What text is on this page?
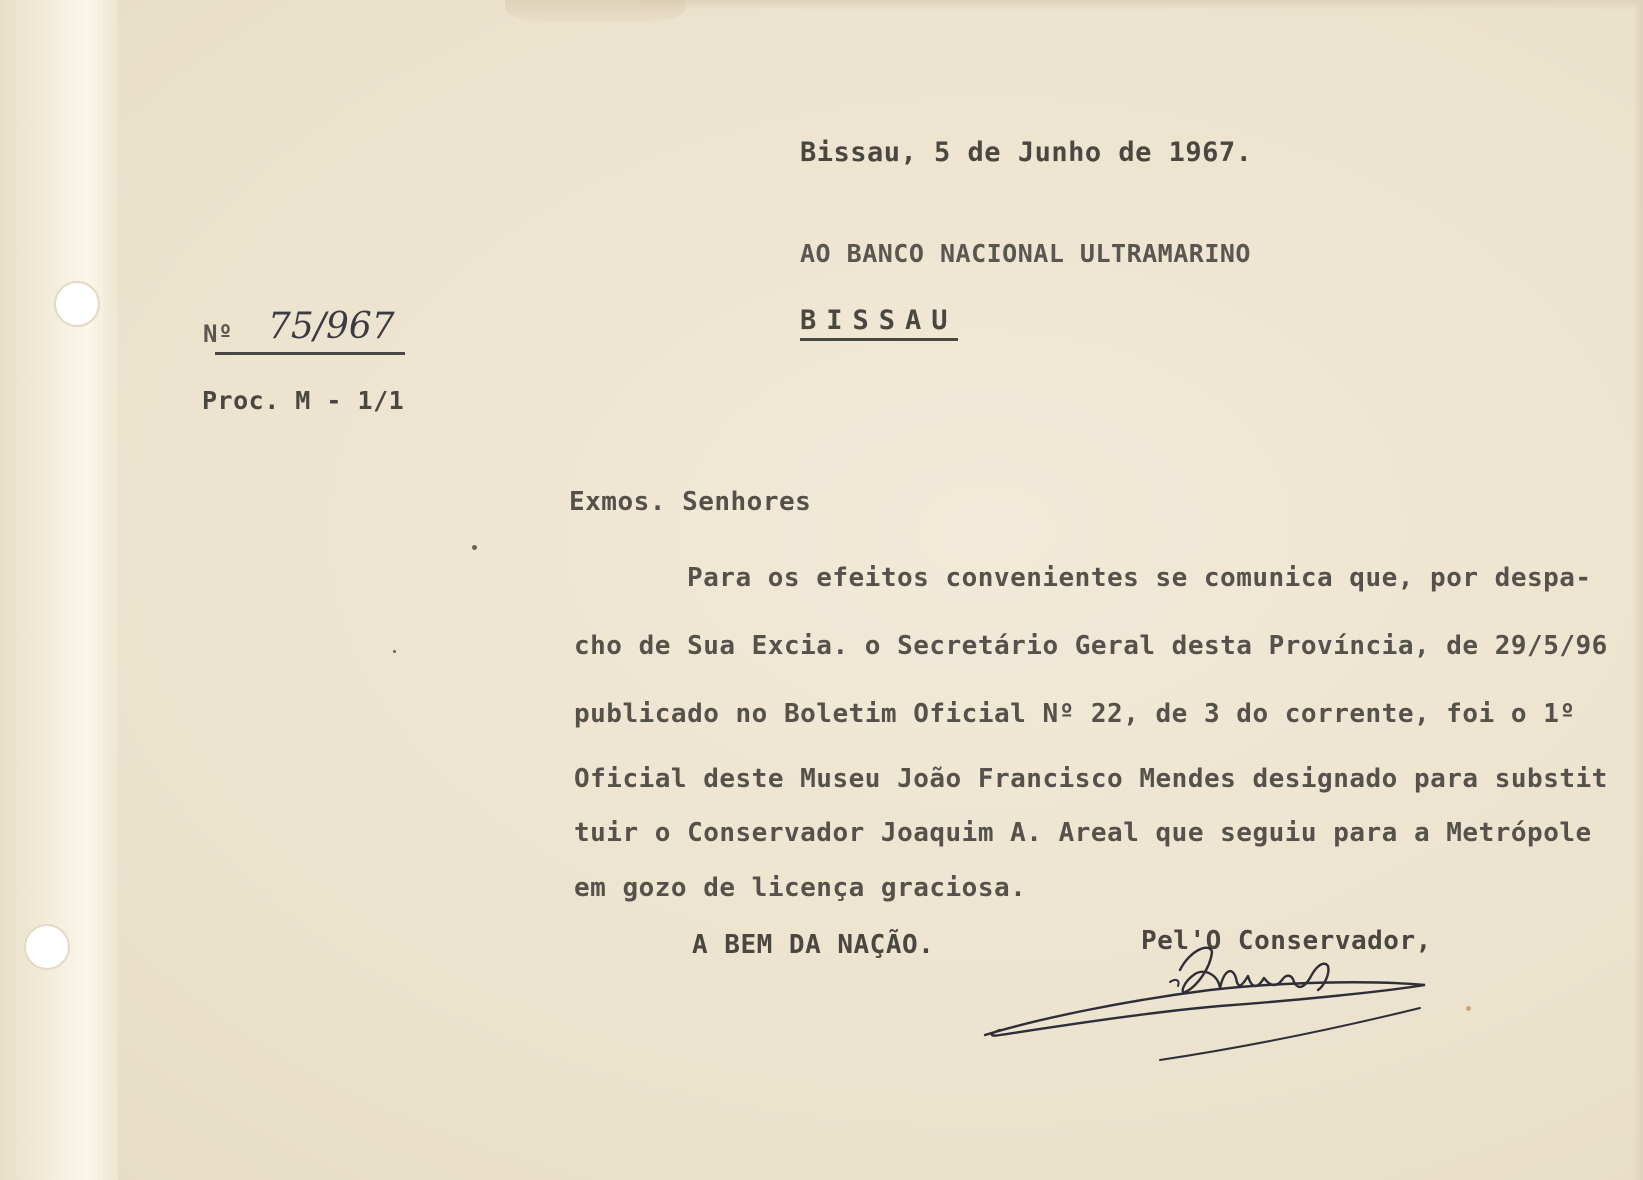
Bissau, 5 de Junho de 1967.
AO BANCO NACIONAL ULTRAMARINO
BISSAU
Nº 75/967
Proc. M - 1/1
Exmos. Senhores
Para os efeitos convenientes se comunica que, por despa-
cho de Sua Excia. o Secretário Geral desta Província, de 29/5/96
publicado no Boletim Oficial Nº 22, de 3 do corrente, foi o 1º
Oficial deste Museu João Francisco Mendes designado para substit
tuir o Conservador Joaquim A. Areal que seguiu para a Metrópole
em gozo de licença graciosa.
A BEM DA NAÇÃO.	Pel'O Conservador,
